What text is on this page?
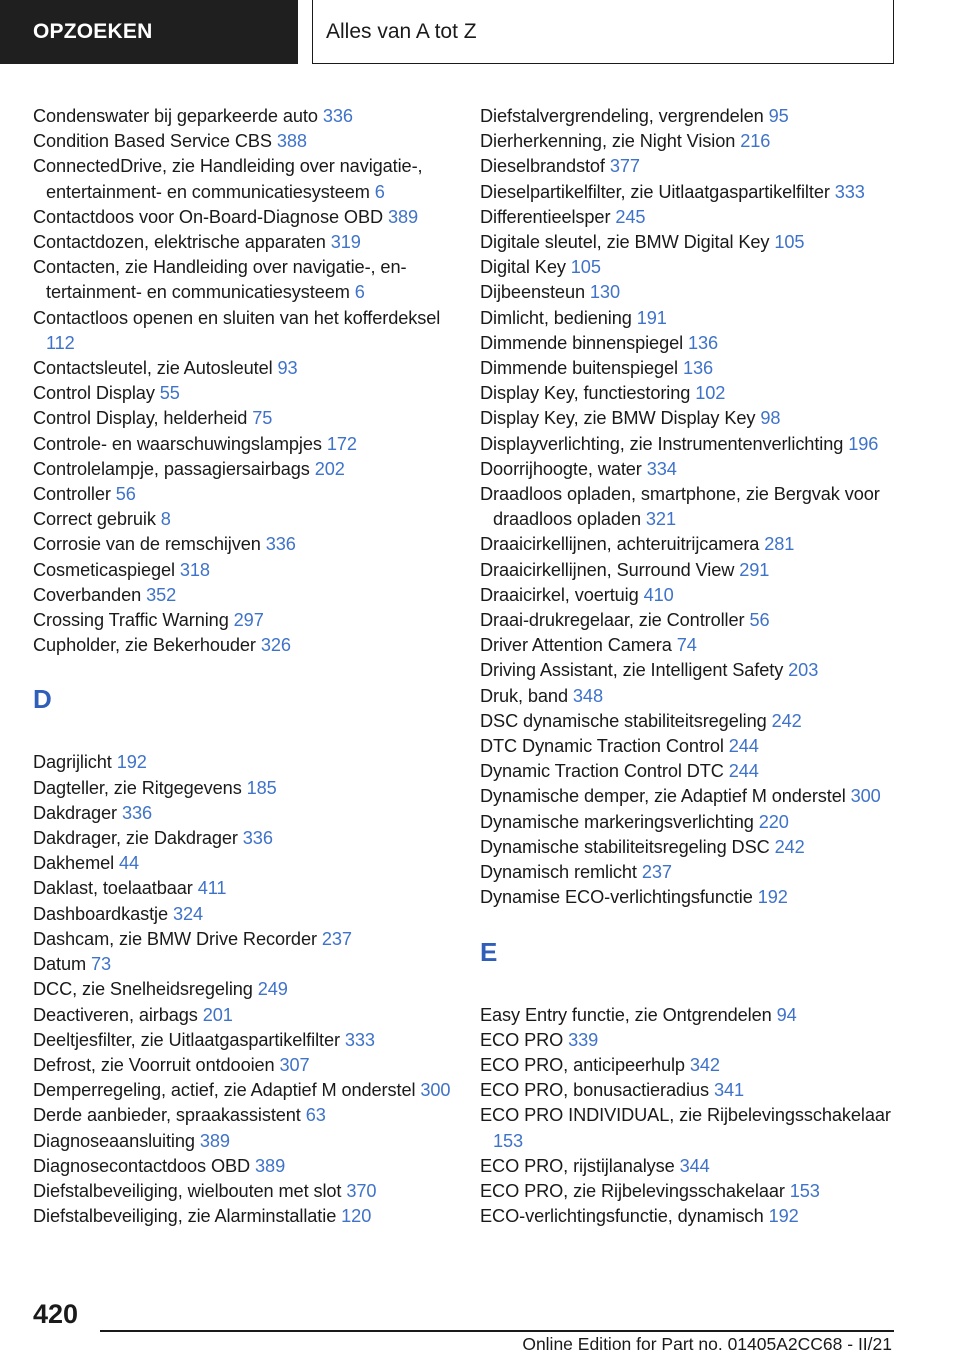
OPZOEKEN	Alles van A tot Z
Condenswater bij geparkeerde auto 336
Condition Based Service CBS 388
ConnectedDrive, zie Handleiding over navigatie-, entertainment- en communicatiesysteem 6
Contactdoos voor On-Board-Diagnose OBD 389
Contactdozen, elektrische apparaten 319
Contacten, zie Handleiding over navigatie-, entertainment- en communicatiesysteem 6
Contactloos openen en sluiten van het kofferdeksel 112
Contactsleutel, zie Autosleutel 93
Control Display 55
Control Display, helderheid 75
Controle- en waarschuwingslampjes 172
Controlelampje, passagiersairbags 202
Controller 56
Correct gebruik 8
Corrosie van de remschijven 336
Cosmeticaspiegel 318
Coverbanden 352
Crossing Traffic Warning 297
Cupholder, zie Bekerhouder 326
D
Dagrijlicht 192
Dagteller, zie Ritgegevens 185
Dakdrager 336
Dakdrager, zie Dakdrager 336
Dakhemel 44
Daklast, toelaatbaar 411
Dashboardkastje 324
Dashcam, zie BMW Drive Recorder 237
Datum 73
DCC, zie Snelheidsregeling 249
Deactiveren, airbags 201
Deeltjesfilter, zie Uitlaatgaspartikelfilter 333
Defrost, zie Voorruit ontdooien 307
Demperregeling, actief, zie Adaptief M onderstel 300
Derde aanbieder, spraakassistent 63
Diagnoseaansluiting 389
Diagnosecontactdoos OBD 389
Diefstalbeveiliging, wielbouten met slot 370
Diefstalbeveiliging, zie Alarminstallatie 120
Diefstalvergrendeling, vergrendelen 95
Dierherkenning, zie Night Vision 216
Dieselbrandstof 377
Dieselpartikelfilter, zie Uitlaatgaspartikelfilter 333
Differentieelsper 245
Digitale sleutel, zie BMW Digital Key 105
Digital Key 105
Dijbeensteun 130
Dimlicht, bediening 191
Dimmende binnenspiegel 136
Dimmende buitenspiegel 136
Display Key, functiestoring 102
Display Key, zie BMW Display Key 98
Displayverlichting, zie Instrumentenverlichting 196
Doorrijhoogte, water 334
Draadloos opladen, smartphone, zie Bergvak voor draadloos opladen 321
Draaicirkellijnen, achteruitrijcamera 281
Draaicirkellijnen, Surround View 291
Draaicirkel, voertuig 410
Draai-drukregelaar, zie Controller 56
Driver Attention Camera 74
Driving Assistant, zie Intelligent Safety 203
Druk, band 348
DSC dynamische stabiliteitsregeling 242
DTC Dynamic Traction Control 244
Dynamic Traction Control DTC 244
Dynamische demper, zie Adaptief M onderstel 300
Dynamische markeringsverlichting 220
Dynamische stabiliteitsregeling DSC 242
Dynamisch remlicht 237
Dynamise ECO-verlichtingsfunctie 192
E
Easy Entry functie, zie Ontgrendelen 94
ECO PRO 339
ECO PRO, anticipeerhulp 342
ECO PRO, bonusactieradius 341
ECO PRO INDIVIDUAL, zie Rijbelevingsschakelaar 153
ECO PRO, rijstijlanalyse 344
ECO PRO, zie Rijbelevingsschakelaar 153
ECO-verlichtingsfunctie, dynamisch 192
420
Online Edition for Part no. 01405A2CC68 - II/21
